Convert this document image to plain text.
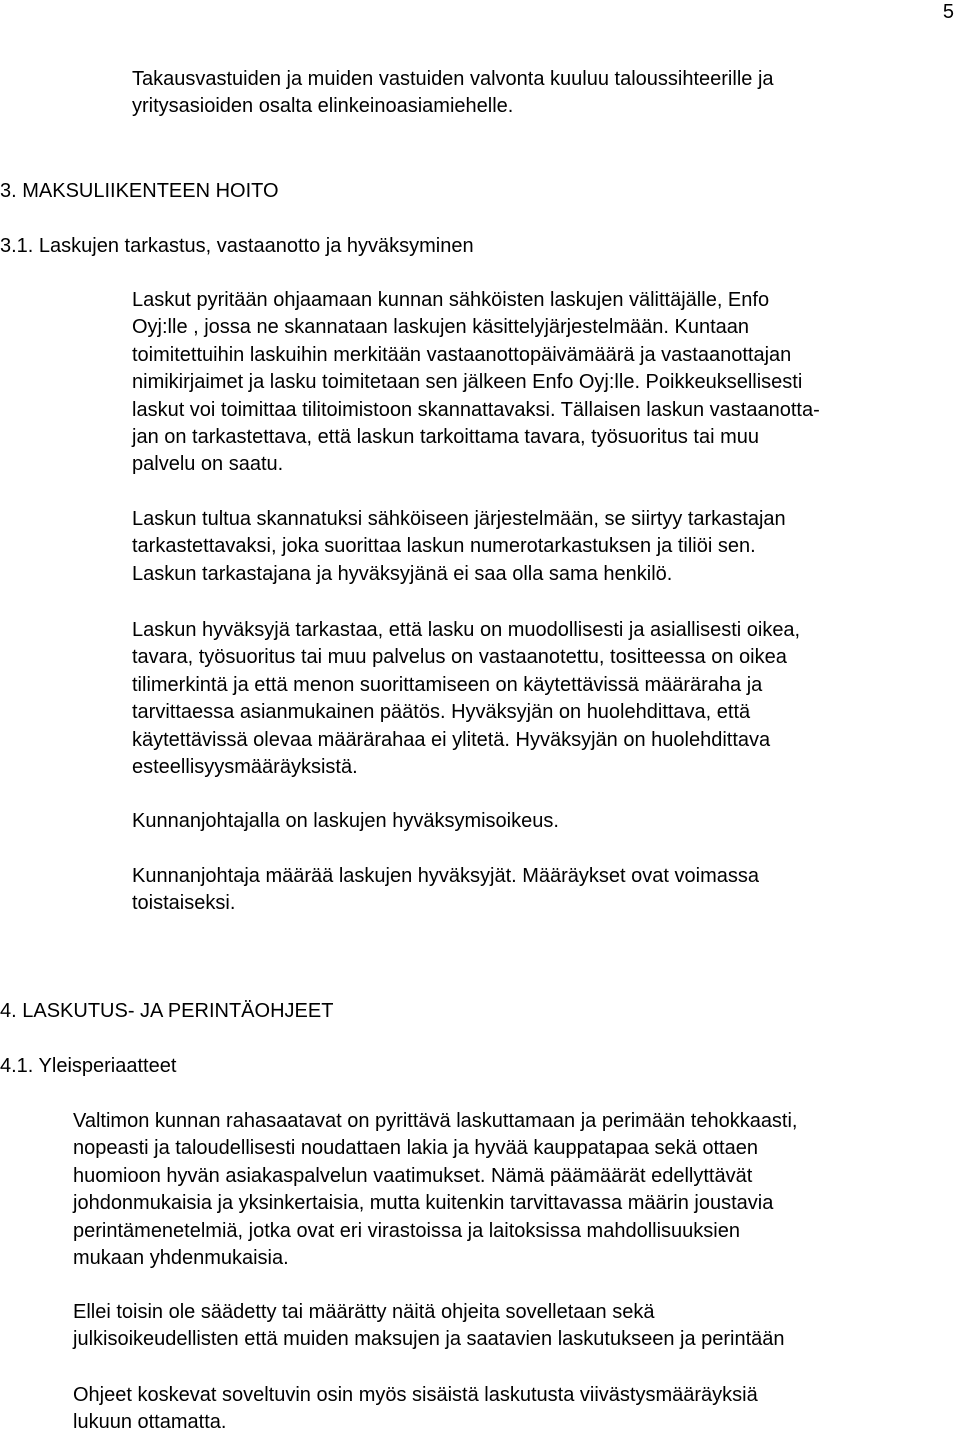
5

Takausvastuiden ja muiden vastuiden valvonta kuuluu taloussihteerille ja
yritysasioiden osalta elinkeinoasiamiehelle.

3. MAKSULIIKENTEEN HOITO

3.1. Laskujen tarkastus, vastaanotto ja hyväksyminen

Laskut pyritään ohjaamaan kunnan sähköisten laskujen välittäjälle, Enfo
Oyj:lle , jossa ne skannataan laskujen käsittelyjärjestelmään. Kuntaan
toimitettuihin laskuihin merkitään vastaanottopäivämäärä ja vastaanottajan
nimikirjaimet ja lasku toimitetaan sen jälkeen Enfo Oyj:lle. Poikkeuksellisesti
laskut voi toimittaa tilitoimistoon skannattavaksi. Tällaisen laskun vastaanotta-
jan on tarkastettava, että laskun tarkoittama tavara, työsuoritus tai muu
palvelu on saatu.

Laskun tultua skannatuksi sähköiseen järjestelmään, se siirtyy tarkastajan
tarkastettavaksi, joka suorittaa laskun numerotarkastuksen ja tiliöi sen.
Laskun tarkastajana ja hyväksyjänä ei saa olla sama henkilö.

Laskun hyväksyjä tarkastaa, että lasku on muodollisesti ja asiallisesti oikea,
tavara, työsuoritus tai muu palvelus on vastaanotettu, tositteessa on oikea
tilimerkintä ja että menon suorittamiseen on käytettävissä määräraha ja
tarvittaessa asianmukainen päätös. Hyväksyjän on huolehdittava, että
käytettävissä olevaa määrärahaa ei ylitetä. Hyväksyjän on huolehdittava
esteellisyysmääräyksistä.

Kunnanjohtajalla on laskujen hyväksymisoikeus.

Kunnanjohtaja määrää laskujen hyväksyjät. Määräykset ovat voimassa
toistaiseksi.

4. LASKUTUS- JA PERINTÄOHJEET

4.1. Yleisperiaatteet

Valtimon kunnan rahasaatavat on pyrittävä laskuttamaan ja perimään tehokkaasti,
nopeasti ja taloudellisesti noudattaen lakia ja hyvää kauppatapaa sekä ottaen
huomioon hyvän asiakaspalvelun vaatimukset. Nämä päämäärät edellyttävät
johdonmukaisia ja yksinkertaisia, mutta kuitenkin tarvittavassa määrin joustavia
perintämenetelmiä, jotka ovat eri virastoissa ja laitoksissa mahdollisuuksien
mukaan yhdenmukaisia.

Ellei toisin ole säädetty tai määrätty näitä ohjeita sovelletaan sekä
julkisoikeudellisten että muiden maksujen ja saatavien laskutukseen ja perintään

Ohjeet koskevat soveltuvin osin myös sisäistä laskutusta viivästysmääräyksiä
lukuun ottamatta.
